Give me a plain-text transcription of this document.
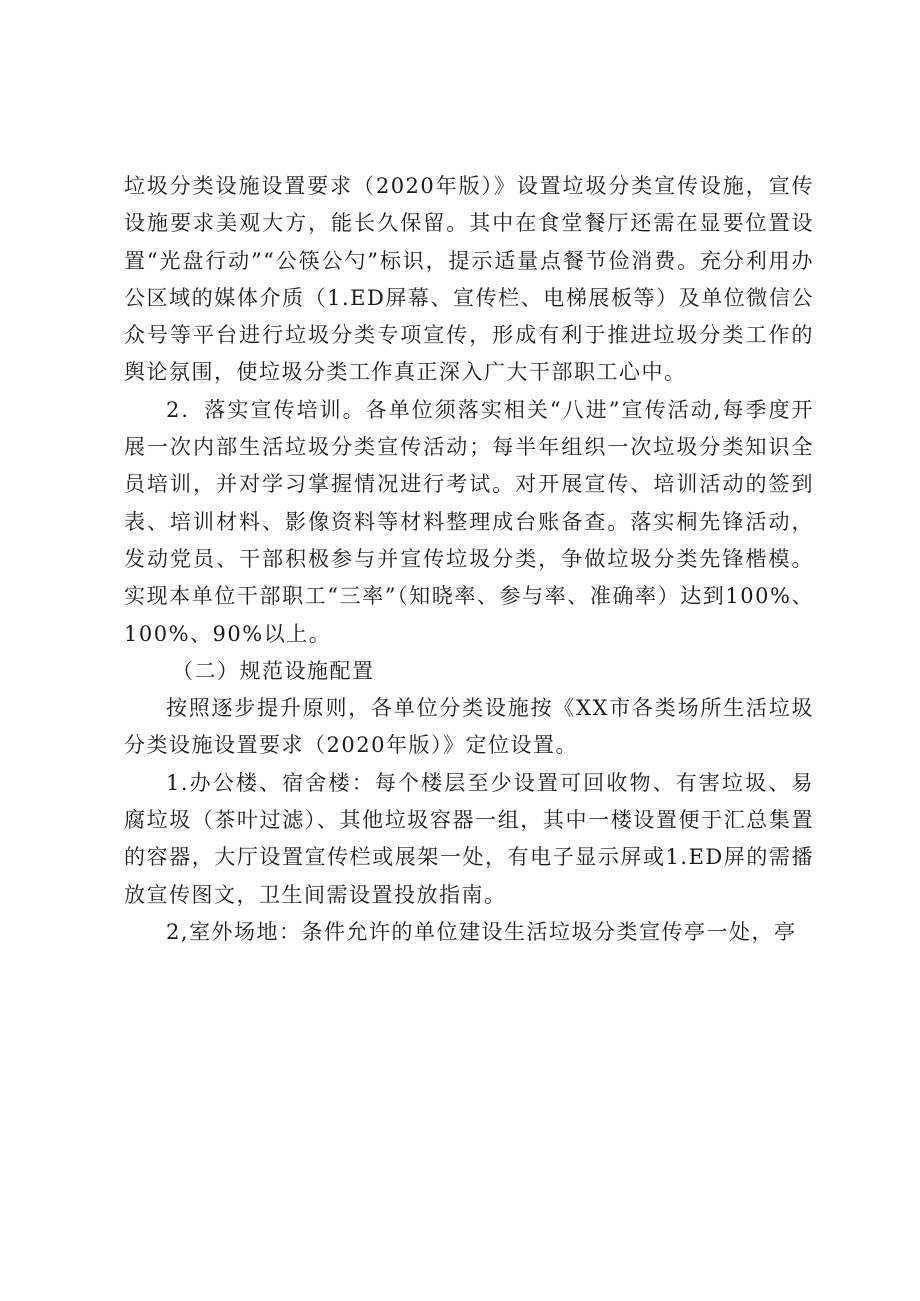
垃圾分类设施设置要求（2020年版）》设置垃圾分类宣传设施，宣传设施要求美观大方，能长久保留。其中在食堂餐厅还需在显要位置设置“光盘行动”“公筷公勺”标识，提示适量点餐节俭消费。充分利用办公区域的媒体介质（1.ED屏幕、宣传栏、电梯展板等）及单位微信公众号等平台进行垃圾分类专项宣传，形成有利于推进垃圾分类工作的舆论氛围，使垃圾分类工作真正深入广大干部职工心中。

2．落实宣传培训。各单位须落实相关“八进”宣传活动,每季度开展一次内部生活垃圾分类宣传活动；每半年组织一次垃圾分类知识全员培训，并对学习掌握情况进行考试。对开展宣传、培训活动的签到表、培训材料、影像资料等材料整理成台账备查。落实桐先锋活动，发动党员、干部积极参与并宣传垃圾分类，争做垃圾分类先锋楷模。实现本单位干部职工“三率”（知晓率、参与率、准确率）达到100%、100%、90%以上。

（二）规范设施配置

按照逐步提升原则，各单位分类设施按《XX市各类场所生活垃圾分类设施设置要求（2020年版）》定位设置。

1.办公楼、宿舍楼：每个楼层至少设置可回收物、有害垃圾、易腐垃圾（茶叶过滤）、其他垃圾容器一组，其中一楼设置便于汇总集置的容器，大厅设置宣传栏或展架一处，有电子显示屏或1.ED屏的需播放宣传图文，卫生间需设置投放指南。

2,室外场地：条件允许的单位建设生活垃圾分类宣传亭一处，亭
